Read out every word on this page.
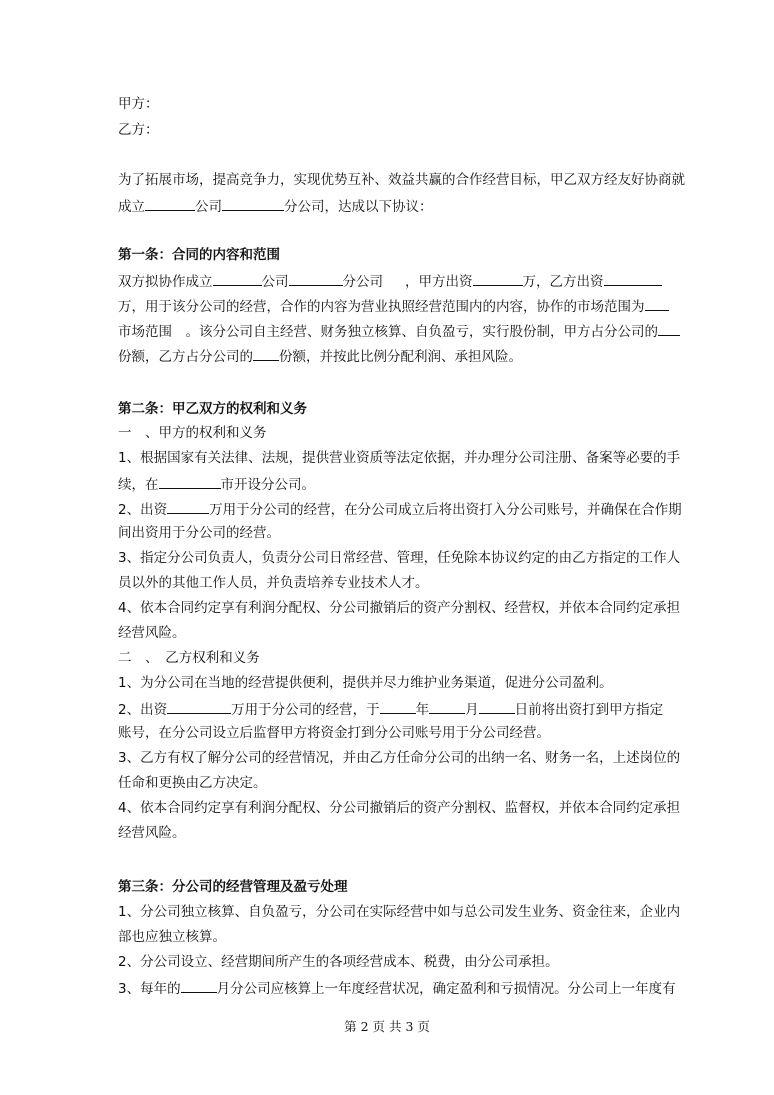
甲方：
乙方：
为了拓展市场，提高竞争力，实现优势互补、效益共赢的合作经营目标，甲乙双方经友好协商就
成立	公司	分公司，达成以下协议：
第一条：合同的内容和范围
双方拟协作成立	公司	分公司 ，甲方出资	万，乙方出资
万，用于该分公司的经营，合作的内容为营业执照经营范围内的内容，协作的市场范围为
市场范围　。该分公司自主经营、财务独立核算、自负盈亏，实行股份制，甲方占分公司的
份额，乙方占分公司的 份额，并按此比例分配利润、承担风险。
第二条：甲乙双方的权利和义务
一　、甲方的权利和义务
1、根据国家有关法律、法规，提供营业资质等法定依据，并办理分公司注册、备案等必要的手
续，在	市开设分公司。
2、出资	万用于分公司的经营，在分公司成立后将出资打入分公司账号，并确保在合作期
间出资用于分公司的经营。
3、指定分公司负责人，负责分公司日常经营、管理，任免除本协议约定的由乙方指定的工作人
员以外的其他工作人员，并负责培养专业技术人才。
4、依本合同约定享有利润分配权、分公司撤销后的资产分割权、经营权，并依本合同约定承担
经营风险。
二　、　乙方权利和义务
1、为分公司在当地的经营提供便利，提供并尽力维护业务渠道，促进分公司盈利。
2、出资	万用于分公司的经营，于	年	月	日前将出资打到甲方指定
账号，在分公司设立后监督甲方将资金打到分公司账号用于分公司经营。
3、乙方有权了解分公司的经营情况，并由乙方任命分公司的出纳一名、财务一名，上述岗位的
任命和更换由乙方决定。
4、依本合同约定享有利润分配权、分公司撤销后的资产分割权、监督权，并依本合同约定承担
经营风险。
第三条：分公司的经营管理及盈亏处理
1、分公司独立核算、自负盈亏，分公司在实际经营中如与总公司发生业务、资金往来，企业内
部也应独立核算。
2、分公司设立、经营期间所产生的各项经营成本、税费，由分公司承担。
3、每年的	月分公司应核算上一年度经营状况，确定盈利和亏损情况。分公司上一年度有
第 2 页 共 3 页
